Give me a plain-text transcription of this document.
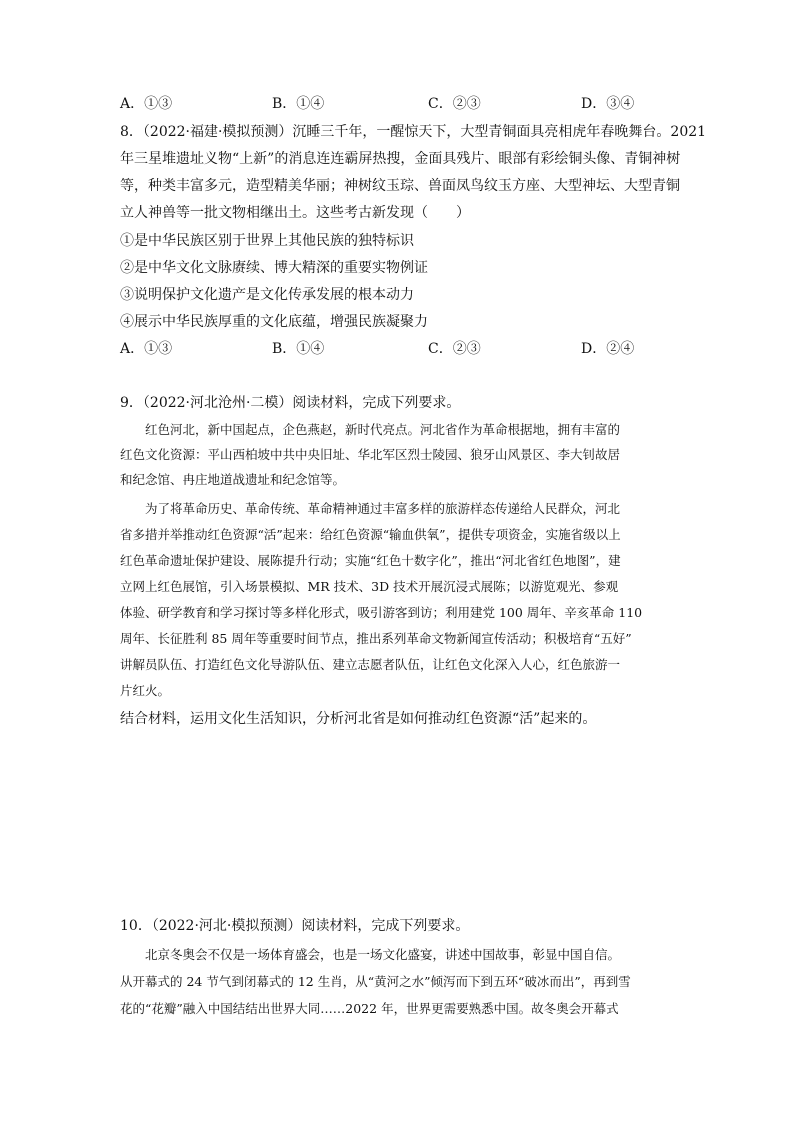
A．①③	B．①④	C．②③	D．③④
8．（2022·福建·模拟预测）沉睡三千年，一醒惊天下，大型青铜面具亮相虎年春晚舞台。2021
年三星堆遗址义物“上新”的消息连连霸屏热搜，金面具残片、眼部有彩绘铜头像、青铜神树
等，种类丰富多元，造型精美华丽；神树纹玉琮、兽面凤鸟纹玉方座、大型神坛、大型青铜
立人神兽等一批文物相继出土。这些考古新发现（　　）
①是中华民族区别于世界上其他民族的独特标识
②是中华文化文脉赓续、博大精深的重要实物例证
③说明保护文化遗产是文化传承发展的根本动力
④展示中华民族厚重的文化底蕴，增强民族凝聚力
A．①③	B．①④	C．②③	D．②④
9．（2022·河北沧州·二模）阅读材料，完成下列要求。
　　红色河北，新中国起点，企色燕赵，新时代亮点。河北省作为革命根据地，拥有丰富的
红色文化资源：平山西柏坡中共中央旧址、华北军区烈士陵园、狼牙山风景区、李大钊故居
和纪念馆、冉庄地道战遗址和纪念馆等。
　　为了将革命历史、革命传统、革命精神通过丰富多样的旅游样态传递给人民群众，河北
省多措并举推动红色资源“活”起来：给红色资源“输血供氧”，提供专项资金，实施省级以上
红色革命遗址保护建设、展陈提升行动；实施“红色十数字化”，推出“河北省红色地图”，建
立网上红色展馆，引入场景模拟、MR 技术、3D 技术开展沉浸式展陈；以游览观光、参观
体验、研学教育和学习探讨等多样化形式，吸引游客到访；利用建党 100 周年、辛亥革命 110
周年、长征胜利 85 周年等重要时间节点，推出系列革命文物新闻宣传活动；积极培育“五好”
讲解员队伍、打造红色文化导游队伍、建立志愿者队伍，让红色文化深入人心，红色旅游一
片红火。
结合材料，运用文化生活知识，分析河北省是如何推动红色资源“活”起来的。
10．（2022·河北·模拟预测）阅读材料，完成下列要求。
　　北京冬奥会不仅是一场体育盛会，也是一场文化盛宴，讲述中国故事，彰显中国自信。
从开幕式的 24 节气到闭幕式的 12 生肖，从“黄河之水”倾泻而下到五环“破冰而出”，再到雪
花的“花瓣”融入中国结结出世界大同……2022 年，世界更需要熟悉中国。故冬奥会开幕式
